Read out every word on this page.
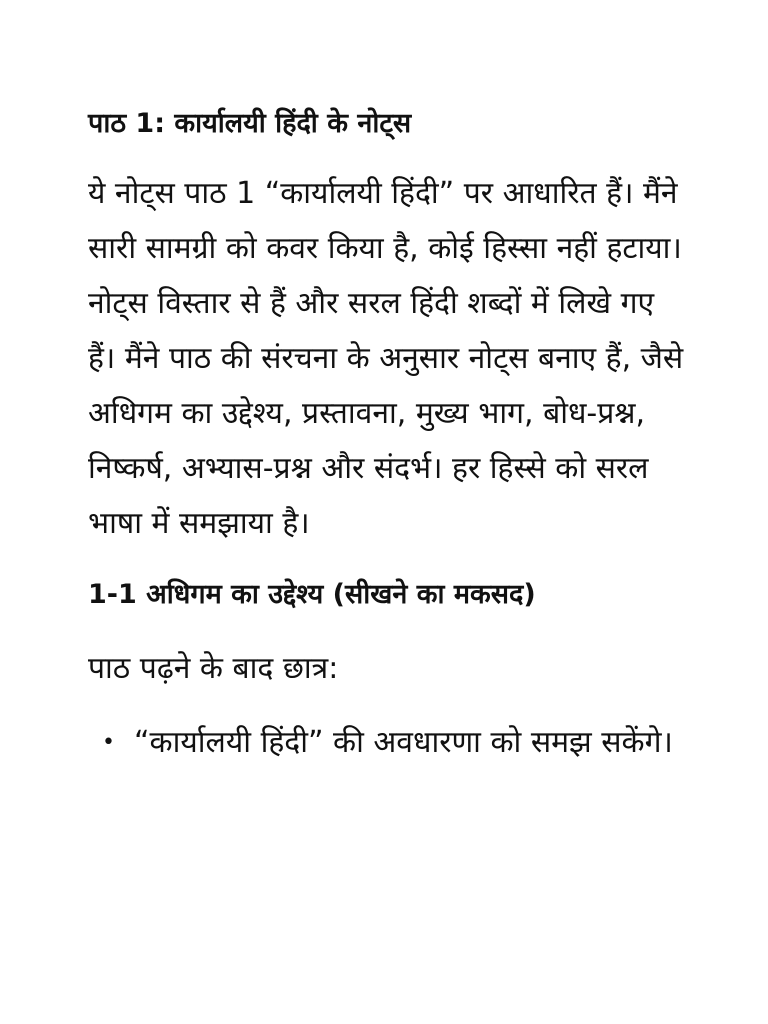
पाठ 1: कार्यालयी हिंदी के नोट्स

ये नोट्स पाठ 1 “कार्यालयी हिंदी” पर आधारित हैं। मैंने सारी सामग्री को कवर किया है, कोई हिस्सा नहीं हटाया। नोट्स विस्तार से हैं और सरल हिंदी शब्दों में लिखे गए हैं। मैंने पाठ की संरचना के अनुसार नोट्स बनाए हैं, जैसे अधिगम का उद्देश्य, प्रस्तावना, मुख्य भाग, बोध-प्रश्न, निष्कर्ष, अभ्यास-प्रश्न और संदर्भ। हर हिस्से को सरल भाषा में समझाया है।

1-1 अधिगम का उद्देश्य (सीखने का मकसद)

पाठ पढ़ने के बाद छात्र:

• “कार्यालयी हिंदी” की अवधारणा को समझ सकेंगे।
